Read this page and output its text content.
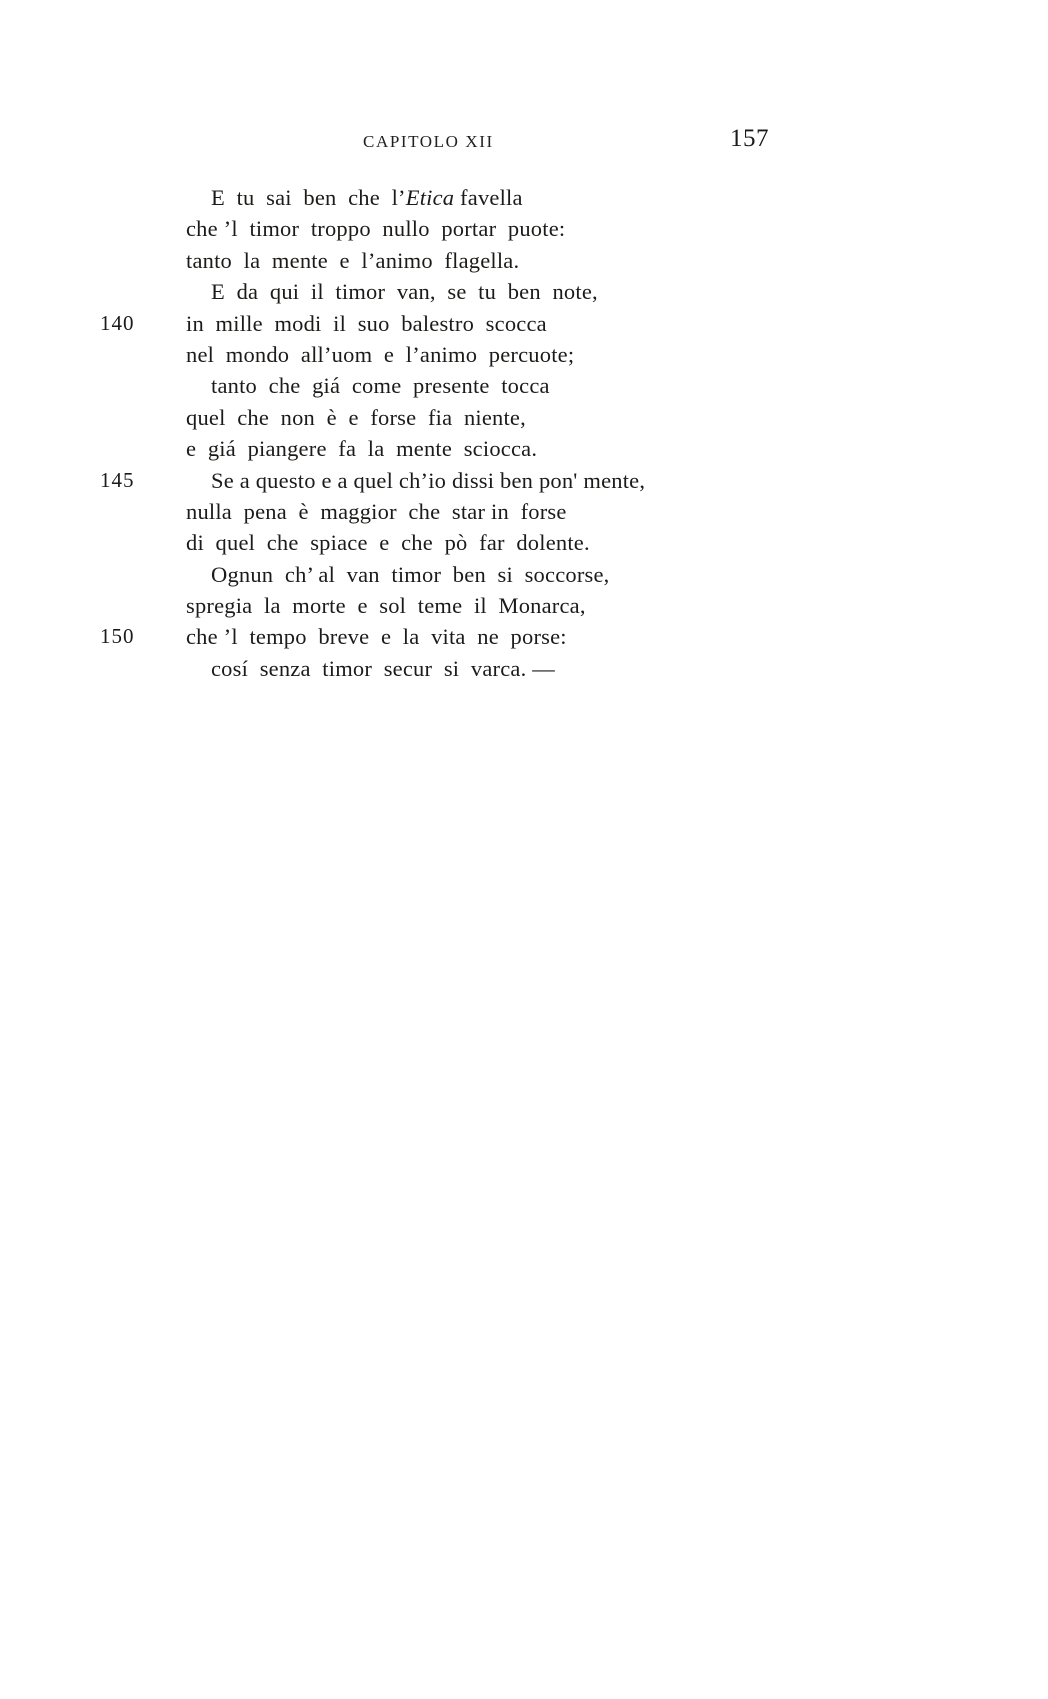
CAPITOLO XII	157
E  tu  sai  ben  che  l’Etica favella
che ’l  timor  troppo  nullo  portar  puote:
tanto  la  mente  e  l’animo  flagella.
E  da  qui  il  timor  van,  se  tu  ben  note,
140	in  mille  modi  il  suo  balestro  scocca
nel  mondo  all’uom  e  l’animo  percuote;
tanto  che  giá  come  presente  tocca
quel  che  non  è  e  forse  fia  niente,
e  giá  piangere  fa  la  mente  sciocca.
145	Se a questo e a quel ch’io dissi ben pon' mente,
nulla  pena  è  maggior  che  star in  forse
di  quel  che  spiace  e  che  pò  far  dolente.
Ognun  ch’ al  van  timor  ben  si  soccorse,
spregia  la  morte  e  sol  teme  il  Monarca,
150	che ’l  tempo  breve  e  la  vita  ne  porse:
cosí  senza  timor  secur  si  varca. —
